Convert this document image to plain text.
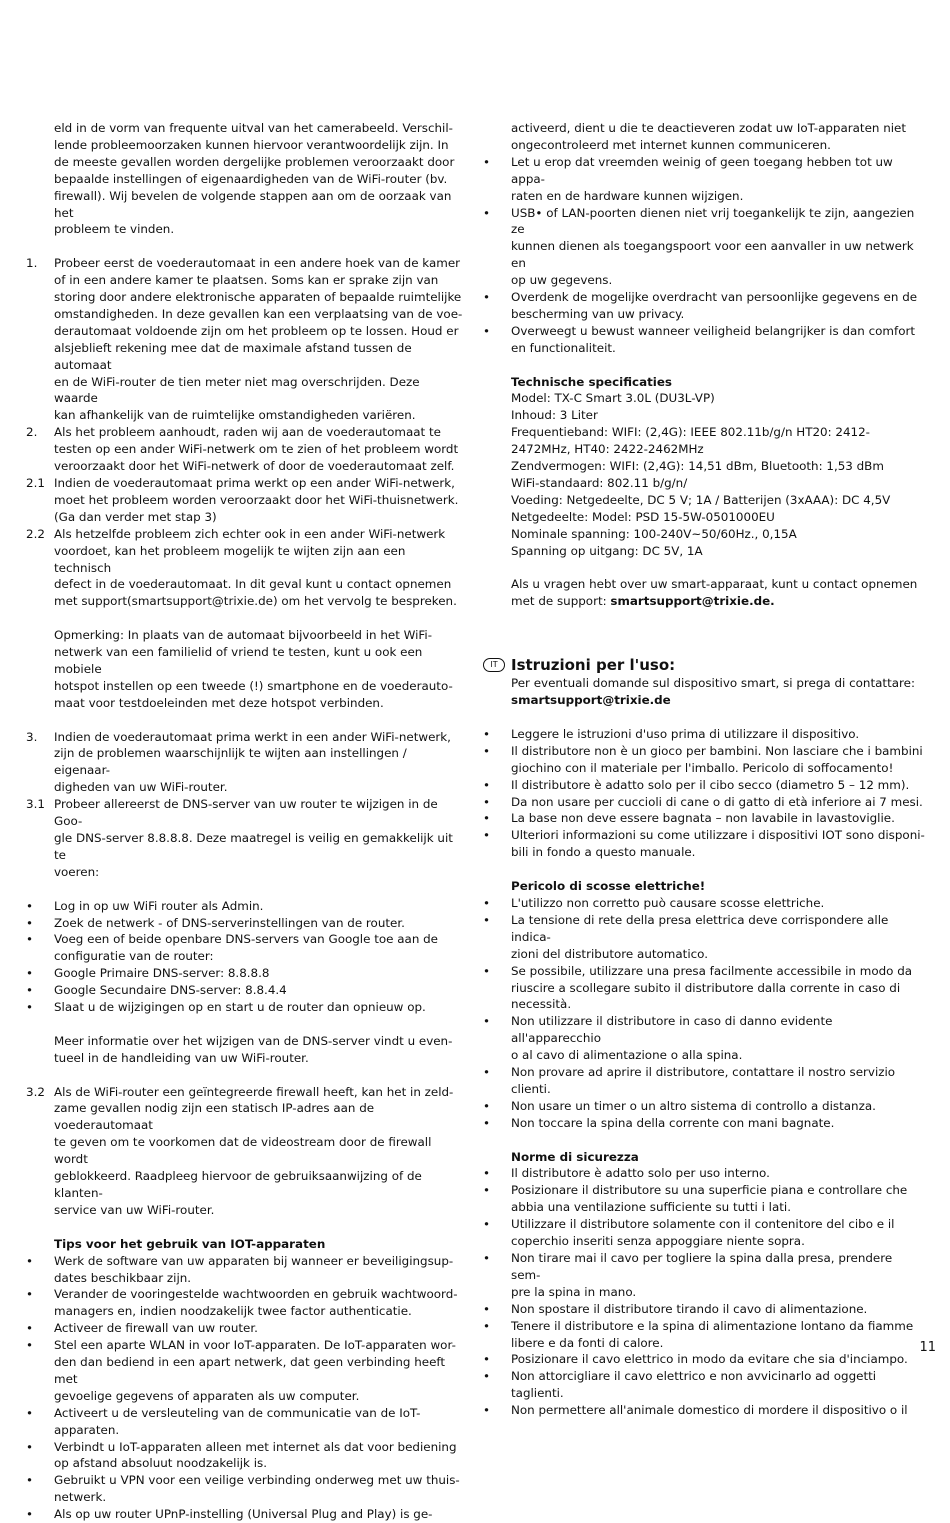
eld in de vorm van frequente uitval van het camerabeeld. Verschil-
lende probleemoorzaken kunnen hiervoor verantwoordelijk zijn. In
de meeste gevallen worden dergelijke problemen veroorzaakt door
bepaalde instellingen of eigenaardigheden van de WiFi-router (bv.
firewall). Wij bevelen de volgende stappen aan om de oorzaak van het
probleem te vinden.
1.	Probeer eerst de voederautomaat in een andere hoek van de kamer
of in een andere kamer te plaatsen. Soms kan er sprake zijn van
storing door andere elektronische apparaten of bepaalde ruimtelijke
omstandigheden. In deze gevallen kan een verplaatsing van de voe-
derautomaat voldoende zijn om het probleem op te lossen. Houd er
alsjeblieft rekening mee dat de maximale afstand tussen de automaat
en de WiFi-router de tien meter niet mag overschrijden. Deze waarde
kan afhankelijk van de ruimtelijke omstandigheden variëren.
2.	Als het probleem aanhoudt, raden wij aan de voederautomaat te
testen op een ander WiFi-netwerk om te zien of het probleem wordt
veroorzaakt door het WiFi-netwerk of door de voederautomaat zelf.
2.1 Indien de voederautomaat prima werkt op een ander WiFi-netwerk,
moet het probleem worden veroorzaakt door het WiFi-thuisnetwerk.
(Ga dan verder met stap 3)
2.2 Als hetzelfde probleem zich echter ook in een ander WiFi-netwerk
voordoet, kan het probleem mogelijk te wijten zijn aan een technisch
defect in de voederautomaat. In dit geval kunt u contact opnemen
met support(smartsupport@trixie.de) om het vervolg te bespreken.
Opmerking: In plaats van de automaat bijvoorbeeld in het WiFi-
netwerk van een familielid of vriend te testen, kunt u ook een mobiele
hotspot instellen op een tweede (!) smartphone en de voederauto-
maat voor testdoeleinden met deze hotspot verbinden.
3.	Indien de voederautomaat prima werkt in een ander WiFi-netwerk,
zijn de problemen waarschijnlijk te wijten aan instellingen / eigenaar-
digheden van uw WiFi-router.
3.1 Probeer allereerst de DNS-server van uw router te wijzigen in de Goo-
gle DNS-server 8.8.8.8. Deze maatregel is veilig en gemakkelijk uit te
voeren:
•	Log in op uw WiFi router als Admin.
•	Zoek de netwerk - of DNS-serverinstellingen van de router.
•	Voeg een of beide openbare DNS-servers van Google toe aan de
configuratie van de router:
•	Google Primaire DNS-server: 8.8.8.8
•	Google Secundaire DNS-server: 8.8.4.4
•	Slaat u de wijzigingen op en start u de router dan opnieuw op.
Meer informatie over het wijzigen van de DNS-server vindt u even-
tueel in de handleiding van uw WiFi-router.
3.2 Als de WiFi-router een geïntegreerde firewall heeft, kan het in zeld-
zame gevallen nodig zijn een statisch IP-adres aan de voederautomaat
te geven om te voorkomen dat de videostream door de firewall wordt
geblokkeerd. Raadpleeg hiervoor de gebruiksaanwijzing of de klanten-
service van uw WiFi-router.
Tips voor het gebruik van IOT-apparaten
•	Werk de software van uw apparaten bij wanneer er beveiligingsup-
dates beschikbaar zijn.
•	Verander de vooringestelde wachtwoorden en gebruik wachtwoord-
managers en, indien noodzakelijk twee factor authenticatie.
•	Activeer de firewall van uw router.
•	Stel een aparte WLAN in voor IoT-apparaten. De IoT-apparaten wor-
den dan bediend in een apart netwerk, dat geen verbinding heeft met
gevoelige gegevens of apparaten als uw computer.
•	Activeert u de versleuteling van de communicatie van de IoT-apparaten.
•	Verbindt u IoT-apparaten alleen met internet als dat voor bediening
op afstand absoluut noodzakelijk is.
•	Gebruikt u VPN voor een veilige verbinding onderweg met uw thuis-
netwerk.
•	Als op uw router UPnP-instelling (Universal Plug and Play) is ge-
activeerd, dient u die te deactieveren zodat uw IoT-apparaten niet
ongecontroleerd met internet kunnen communiceren.
•	Let u erop dat vreemden weinig of geen toegang hebben tot uw appa-
raten en de hardware kunnen wijzigen.
•	USB• of LAN-poorten dienen niet vrij toegankelijk te zijn, aangezien ze
kunnen dienen als toegangspoort voor een aanvaller in uw netwerk en
op uw gegevens.
•	Overdenk de mogelijke overdracht van persoonlijke gegevens en de
bescherming van uw privacy.
•	Overweegt u bewust wanneer veiligheid belangrijker is dan comfort
en functionaliteit.
Technische specificaties
Model: TX-C Smart 3.0L (DU3L-VP)
Inhoud: 3 Liter
Frequentieband: WIFI: (2,4G): IEEE 802.11b/g/n HT20: 2412-
2472MHz, HT40: 2422-2462MHz
Zendvermogen: WIFI: (2,4G): 14,51 dBm, Bluetooth: 1,53 dBm
WiFi-standaard: 802.11 b/g/n/
Voeding: Netgedeelte, DC 5 V; 1A / Batterijen (3xAAA): DC 4,5V
Netgedeelte: Model: PSD 15-5W-0501000EU
Nominale spanning: 100-240V~50/60Hz., 0,15A
Spanning op uitgang: DC 5V, 1A
Als u vragen hebt over uw smart-apparaat, kunt u contact opnemen
met de support: smartsupport@trixie.de.
IT Istruzioni per l'uso:
Per eventuali domande sul dispositivo smart, si prega di contattare:
smartsupport@trixie.de
•	Leggere le istruzioni d'uso prima di utilizzare il dispositivo.
•	Il distributore non è un gioco per bambini. Non lasciare che i bambini
giochino con il materiale per l'imballo. Pericolo di soffocamento!
•	Il distributore è adatto solo per il cibo secco (diametro 5 – 12 mm).
•	Da non usare per cuccioli di cane o di gatto di età inferiore ai 7 mesi.
•	La base non deve essere bagnata – non lavabile in lavastoviglie.
•	Ulteriori informazioni su come utilizzare i dispositivi IOT sono disponi-
bili in fondo a questo manuale.
Pericolo di scosse elettriche!
•	L'utilizzo non corretto può causare scosse elettriche.
•	La tensione di rete della presa elettrica deve corrispondere alle indica-
zioni del distributore automatico.
•	Se possibile, utilizzare una presa facilmente accessibile in modo da
riuscire a scollegare subito il distributore dalla corrente in caso di
necessità.
•	Non utilizzare il distributore in caso di danno evidente all'apparecchio
o al cavo di alimentazione o alla spina.
•	Non provare ad aprire il distributore, contattare il nostro servizio
clienti.
•	Non usare un timer o un altro sistema di controllo a distanza.
•	Non toccare la spina della corrente con mani bagnate.
Norme di sicurezza
•	Il distributore è adatto solo per uso interno.
•	Posizionare il distributore su una superficie piana e controllare che
abbia una ventilazione sufficiente su tutti i lati.
•	Utilizzare il distributore solamente con il contenitore del cibo e il
coperchio inseriti senza appoggiare niente sopra.
•	Non tirare mai il cavo per togliere la spina dalla presa, prendere sem-
pre la spina in mano.
•	Non spostare il distributore tirando il cavo di alimentazione.
•	Tenere il distributore e la spina di alimentazione lontano da fiamme
libere e da fonti di calore.
•	Posizionare il cavo elettrico in modo da evitare che sia d'inciampo.
•	Non attorcigliare il cavo elettrico e non avvicinarlo ad oggetti taglienti.
•	Non permettere all'animale domestico di mordere il dispositivo o il
11
